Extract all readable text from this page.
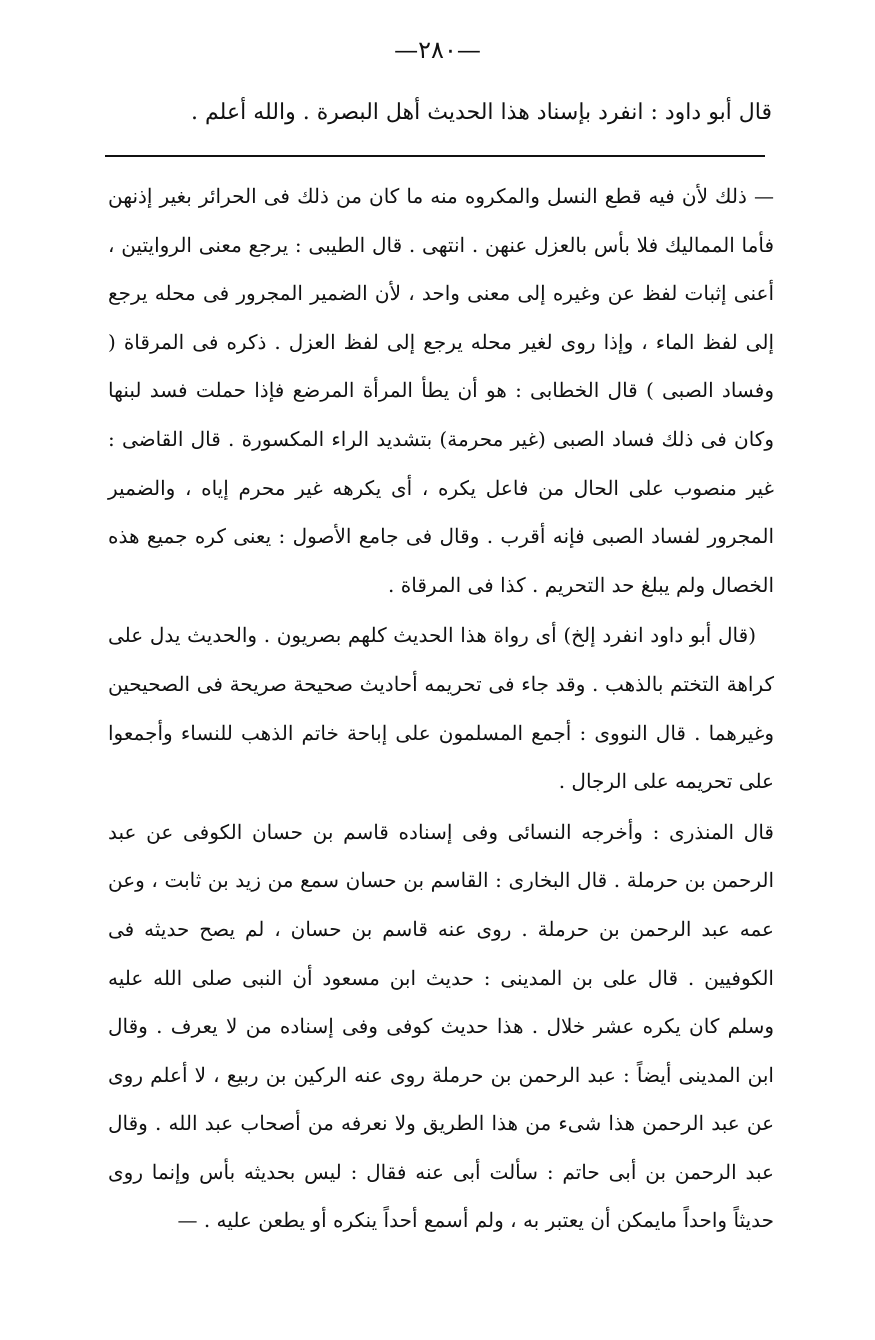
—٢٨٠—
قال أبو داود : انفرد بإسناد هذا الحديث أهل البصرة . والله أعلم .

— ذلك لأن فيه قطع النسل والمكروه منه ما كان من ذلك فى الحرائر بغير إذنهن فأما المماليك فلا بأس بالعزل عنهن . انتهى . قال الطيبى : يرجع معنى الروايتين ، أعنى إثبات لفظ عن وغيره إلى معنى واحد ، لأن الضمير المجرور فى محله يرجع إلى لفظ الماء ، وإذا روى لغير محله يرجع إلى لفظ العزل . ذكره فى المرقاة ( وفساد الصبى ) قال الخطابى : هو أن يطأ المرأة المرضع فإذا حملت فسد لبنها وكان فى ذلك فساد الصبى (غير محرمة) بتشديد الراء المكسورة . قال القاضى : غير منصوب على الحال من فاعل يكره ، أى يكرهه غير محرم إياه ، والضمير المجرور لفساد الصبى فإنه أقرب . وقال فى جامع الأصول : يعنى كره جميع هذه الخصال ولم يبلغ حد التحريم . كذا فى المرقاة .

(قال أبو داود انفرد إلخ) أى رواة هذا الحديث كلهم بصريون . والحديث يدل على كراهة التختم بالذهب . وقد جاء فى تحريمه أحاديث صحيحة صريحة فى الصحيحين وغيرهما . قال النووى : أجمع المسلمون على إباحة خاتم الذهب للنساء وأجمعوا على تحريمه على الرجال .

قال المنذرى : وأخرجه النسائى وفى إسناده قاسم بن حسان الكوفى عن عبد الرحمن بن حرملة . قال البخارى : القاسم بن حسان سمع من زيد بن ثابت ، وعن عمه عبد الرحمن بن حرملة . روى عنه قاسم بن حسان ، لم يصح حديثه فى الكوفيين . قال على بن المدينى : حديث ابن مسعود أن النبى صلى الله عليه وسلم كان يكره عشر خلال . هذا حديث كوفى وفى إسناده من لا يعرف . وقال ابن المدينى أيضاً : عبد الرحمن بن حرملة روى عنه الركين بن ربيع ، لا أعلم روى عن عبد الرحمن هذا شىء من هذا الطريق ولا نعرفه من أصحاب عبد الله . وقال عبد الرحمن بن أبى حاتم : سألت أبى عنه فقال : ليس بحديثه بأس وإنما روى حديثاً واحداً مايمكن أن يعتبر به ، ولم أسمع أحداً ينكره أو يطعن عليه . —
